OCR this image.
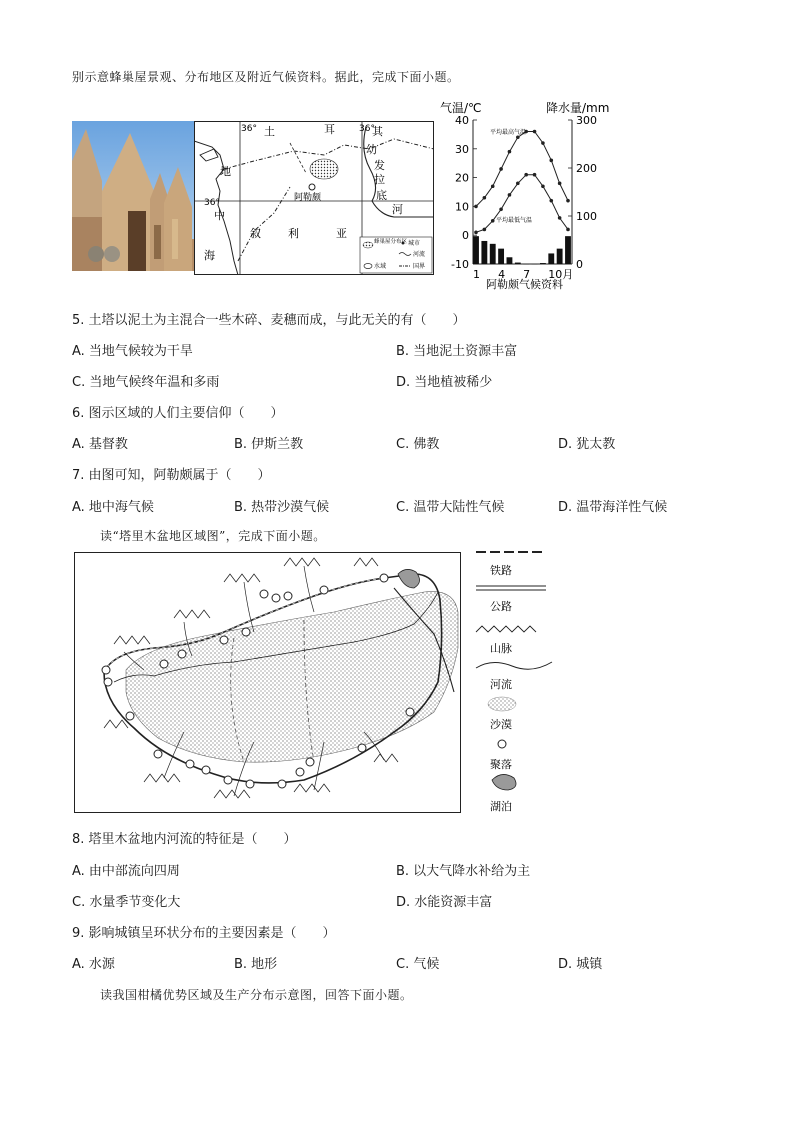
别示意蜂巢屋景观、分布地区及附近气候资料。据此，完成下面小题。
36°	36°
36°
土	耳	其
地
中
海
叙 利	亚
幼
发
拉
底
河
阿勒颇
蜂巢屋分布区 城市
河流
水域	国界
气温/℃	降水量/mm
40
30
20
10
0
-10
300
200
100
0
1 4 7 10月
平均最高气温
平均最低气温
阿勒颇气候资料
5. 土塔以泥土为主混合一些木碎、麦穗而成，与此无关的有（　　）
A. 当地气候较为干旱	B. 当地泥土资源丰富
C. 当地气候终年温和多雨	D. 当地植被稀少
6. 图示区域的人们主要信仰（　　）
A. 基督教	B. 伊斯兰教	C. 佛教	D. 犹太教
7. 由图可知，阿勒颇属于（　　）
A. 地中海气候	B. 热带沙漠气候	C. 温带大陆性气候	D. 温带海洋性气候
读“塔里木盆地区域图”，完成下面小题。
铁路
公路
山脉
河流
沙漠
聚落
湖泊
8. 塔里木盆地内河流的特征是（　　）
A. 由中部流向四周	B. 以大气降水补给为主
C. 水量季节变化大	D. 水能资源丰富
9. 影响城镇呈环状分布的主要因素是（　　）
A. 水源	B. 地形	C. 气候	D. 城镇
读我国柑橘优势区域及生产分布示意图，回答下面小题。
